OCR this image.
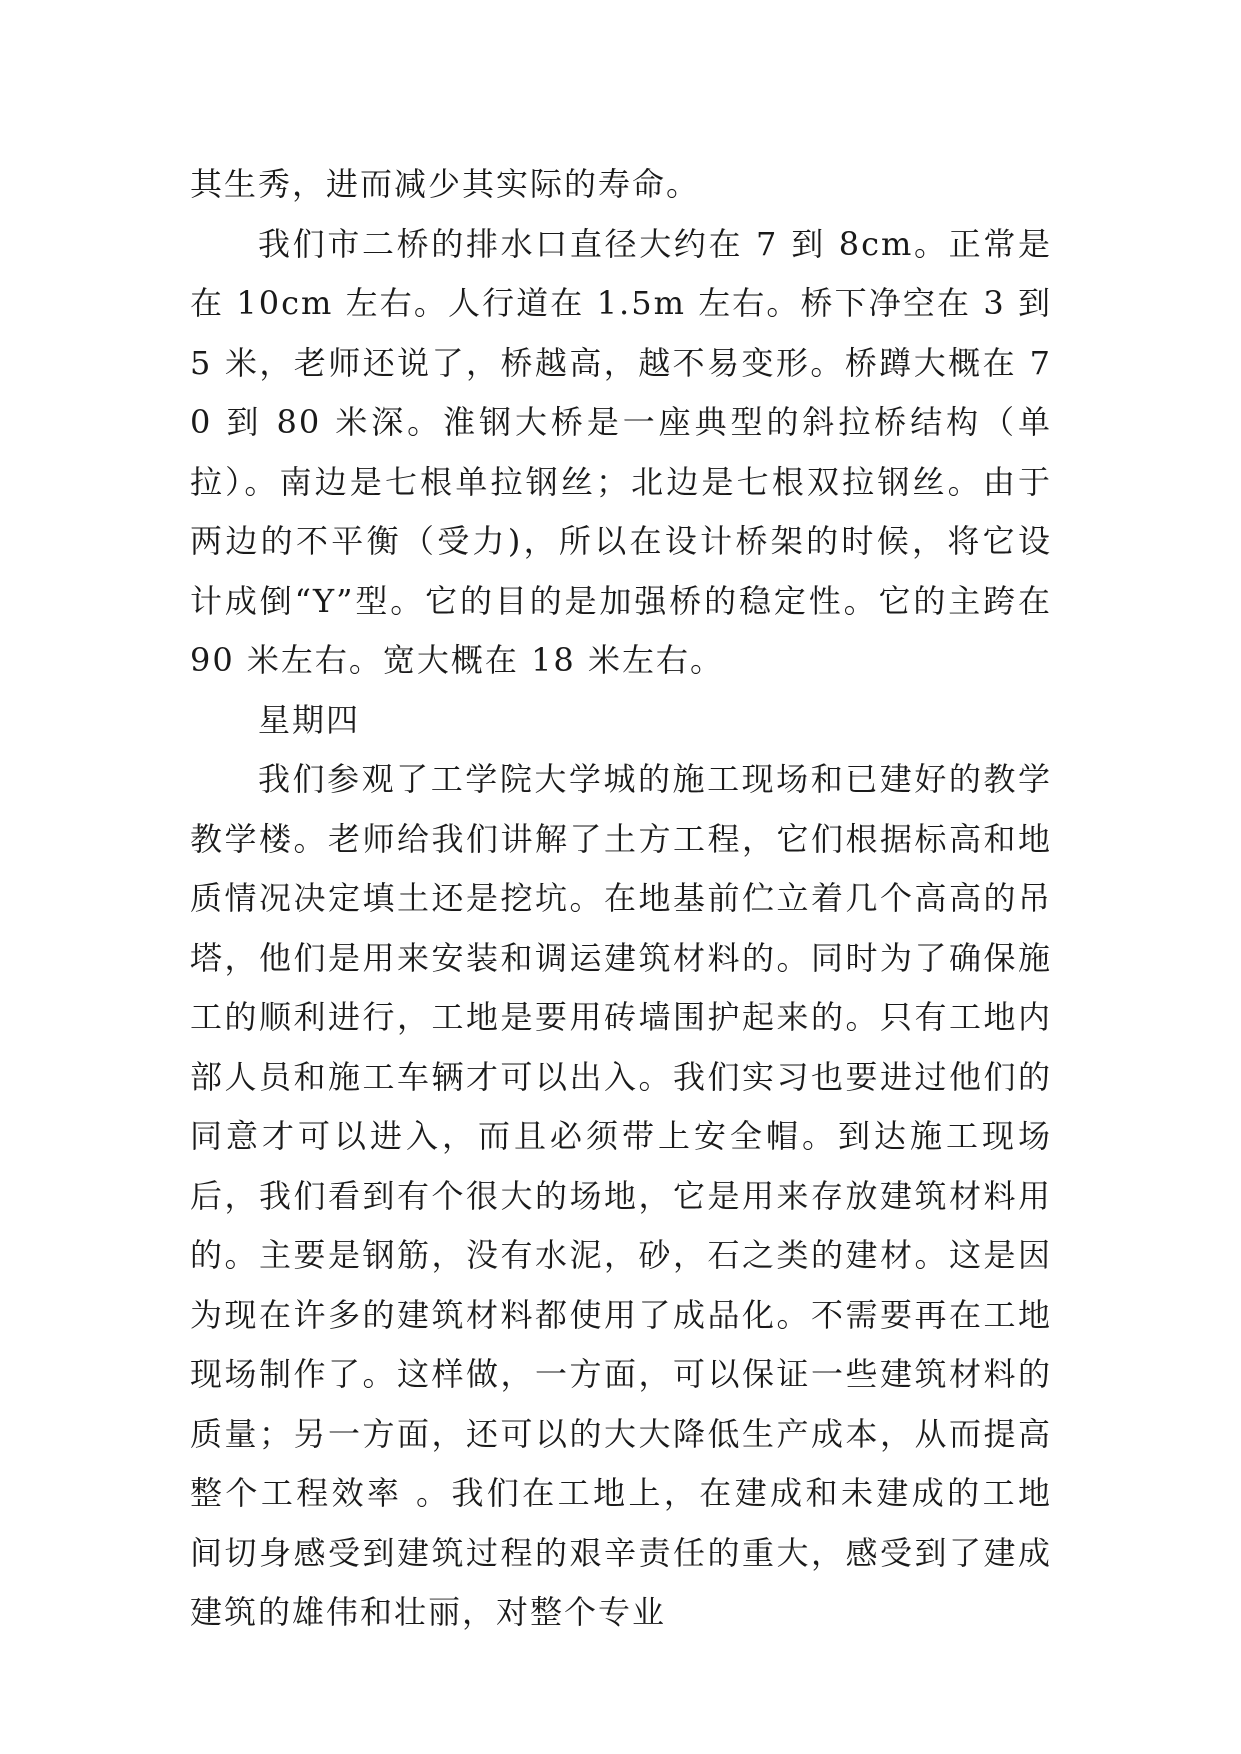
其生秀，进而减少其实际的寿命。

我们市二桥的排水口直径大约在 7 到 8cm。正常是在 10cm 左右。人行道在 1.5m 左右。桥下净空在 3 到 5 米，老师还说了，桥越高，越不易变形。桥蹲大概在 70 到 80 米深。淮钢大桥是一座典型的斜拉桥结构（单拉）。南边是七根单拉钢丝；北边是七根双拉钢丝。由于两边的不平衡（受力)，所以在设计桥架的时候，将它设计成倒“Y”型。它的目的是加强桥的稳定性。它的主跨在 90 米左右。宽大概在 18 米左右。

星期四

我们参观了工学院大学城的施工现场和已建好的教学教学楼。老师给我们讲解了土方工程，它们根据标高和地质情况决定填土还是挖坑。在地基前伫立着几个高高的吊塔，他们是用来安装和调运建筑材料的。同时为了确保施工的顺利进行，工地是要用砖墙围护起来的。只有工地内部人员和施工车辆才可以出入。我们实习也要进过他们的同意才可以进入，而且必须带上安全帽。到达施工现场后，我们看到有个很大的场地，它是用来存放建筑材料用的。主要是钢筋，没有水泥，砂，石之类的建材。这是因为现在许多的建筑材料都使用了成品化。不需要再在工地现场制作了。这样做，一方面，可以保证一些建筑材料的质量；另一方面，还可以的大大降低生产成本，从而提高整个工程效率 。我们在工地上，在建成和未建成的工地间切身感受到建筑过程的艰辛责任的重大，感受到了建成建筑的雄伟和壮丽，对整个专业
